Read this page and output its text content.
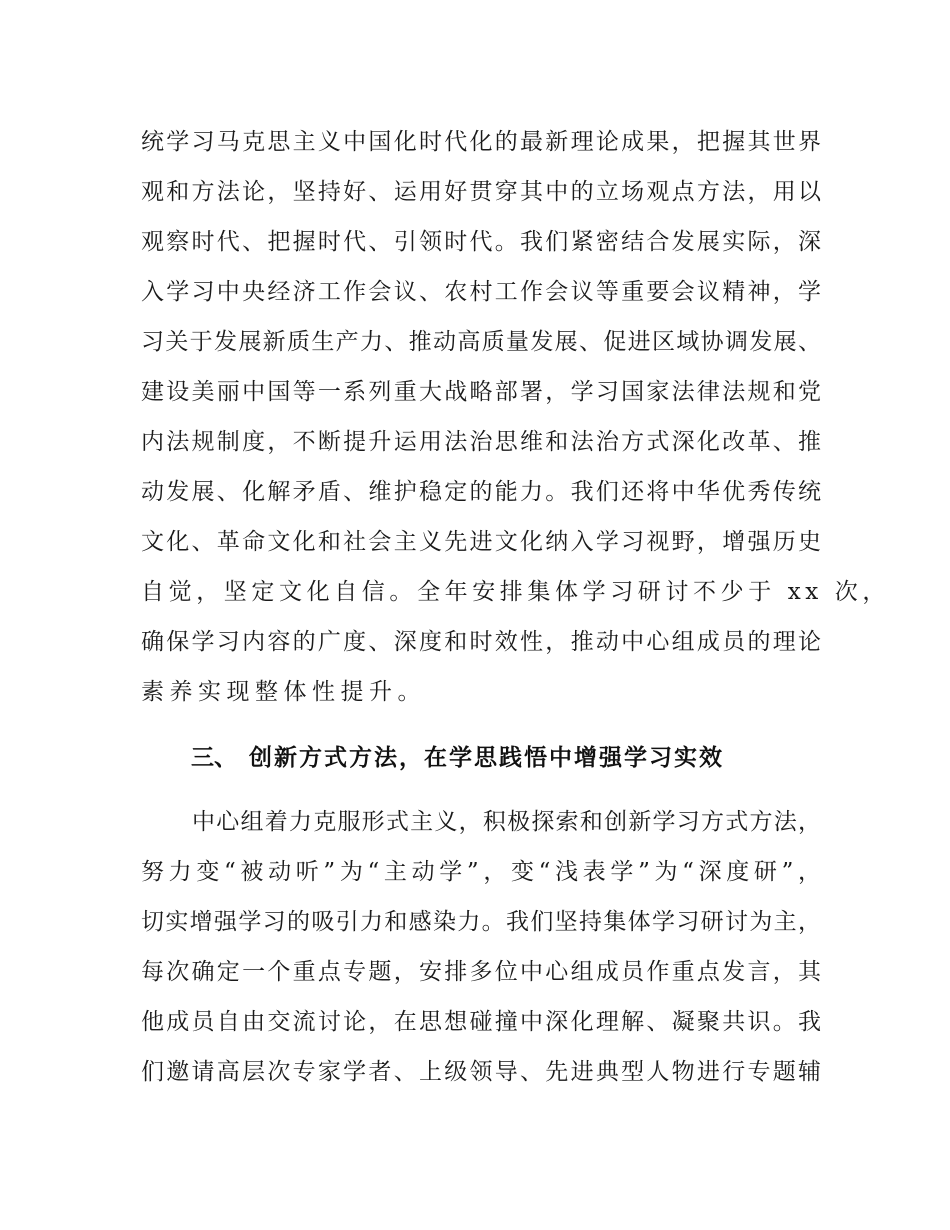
统学习马克思主义中国化时代化的最新理论成果，把握其世界
观和方法论，坚持好、运用好贯穿其中的立场观点方法，用以
观察时代、把握时代、引领时代。我们紧密结合发展实际，深
入学习中央经济工作会议、农村工作会议等重要会议精神，学
习关于发展新质生产力、推动高质量发展、促进区域协调发展、
建设美丽中国等一系列重大战略部署，学习国家法律法规和党
内法规制度，不断提升运用法治思维和法治方式深化改革、推
动发展、化解矛盾、维护稳定的能力。我们还将中华优秀传统
文化、革命文化和社会主义先进文化纳入学习视野，增强历史
自觉，坚定文化自信。全年安排集体学习研讨不少于 xx 次，
确保学习内容的广度、深度和时效性，推动中心组成员的理论
素养实现整体性提升。
三、 创新方式方法，在学思践悟中增强学习实效
中心组着力克服形式主义，积极探索和创新学习方式方法，
努力变“被动听”为“主动学”，变“浅表学”为“深度研”，
切实增强学习的吸引力和感染力。我们坚持集体学习研讨为主，
每次确定一个重点专题，安排多位中心组成员作重点发言，其
他成员自由交流讨论，在思想碰撞中深化理解、凝聚共识。我
们邀请高层次专家学者、上级领导、先进典型人物进行专题辅
